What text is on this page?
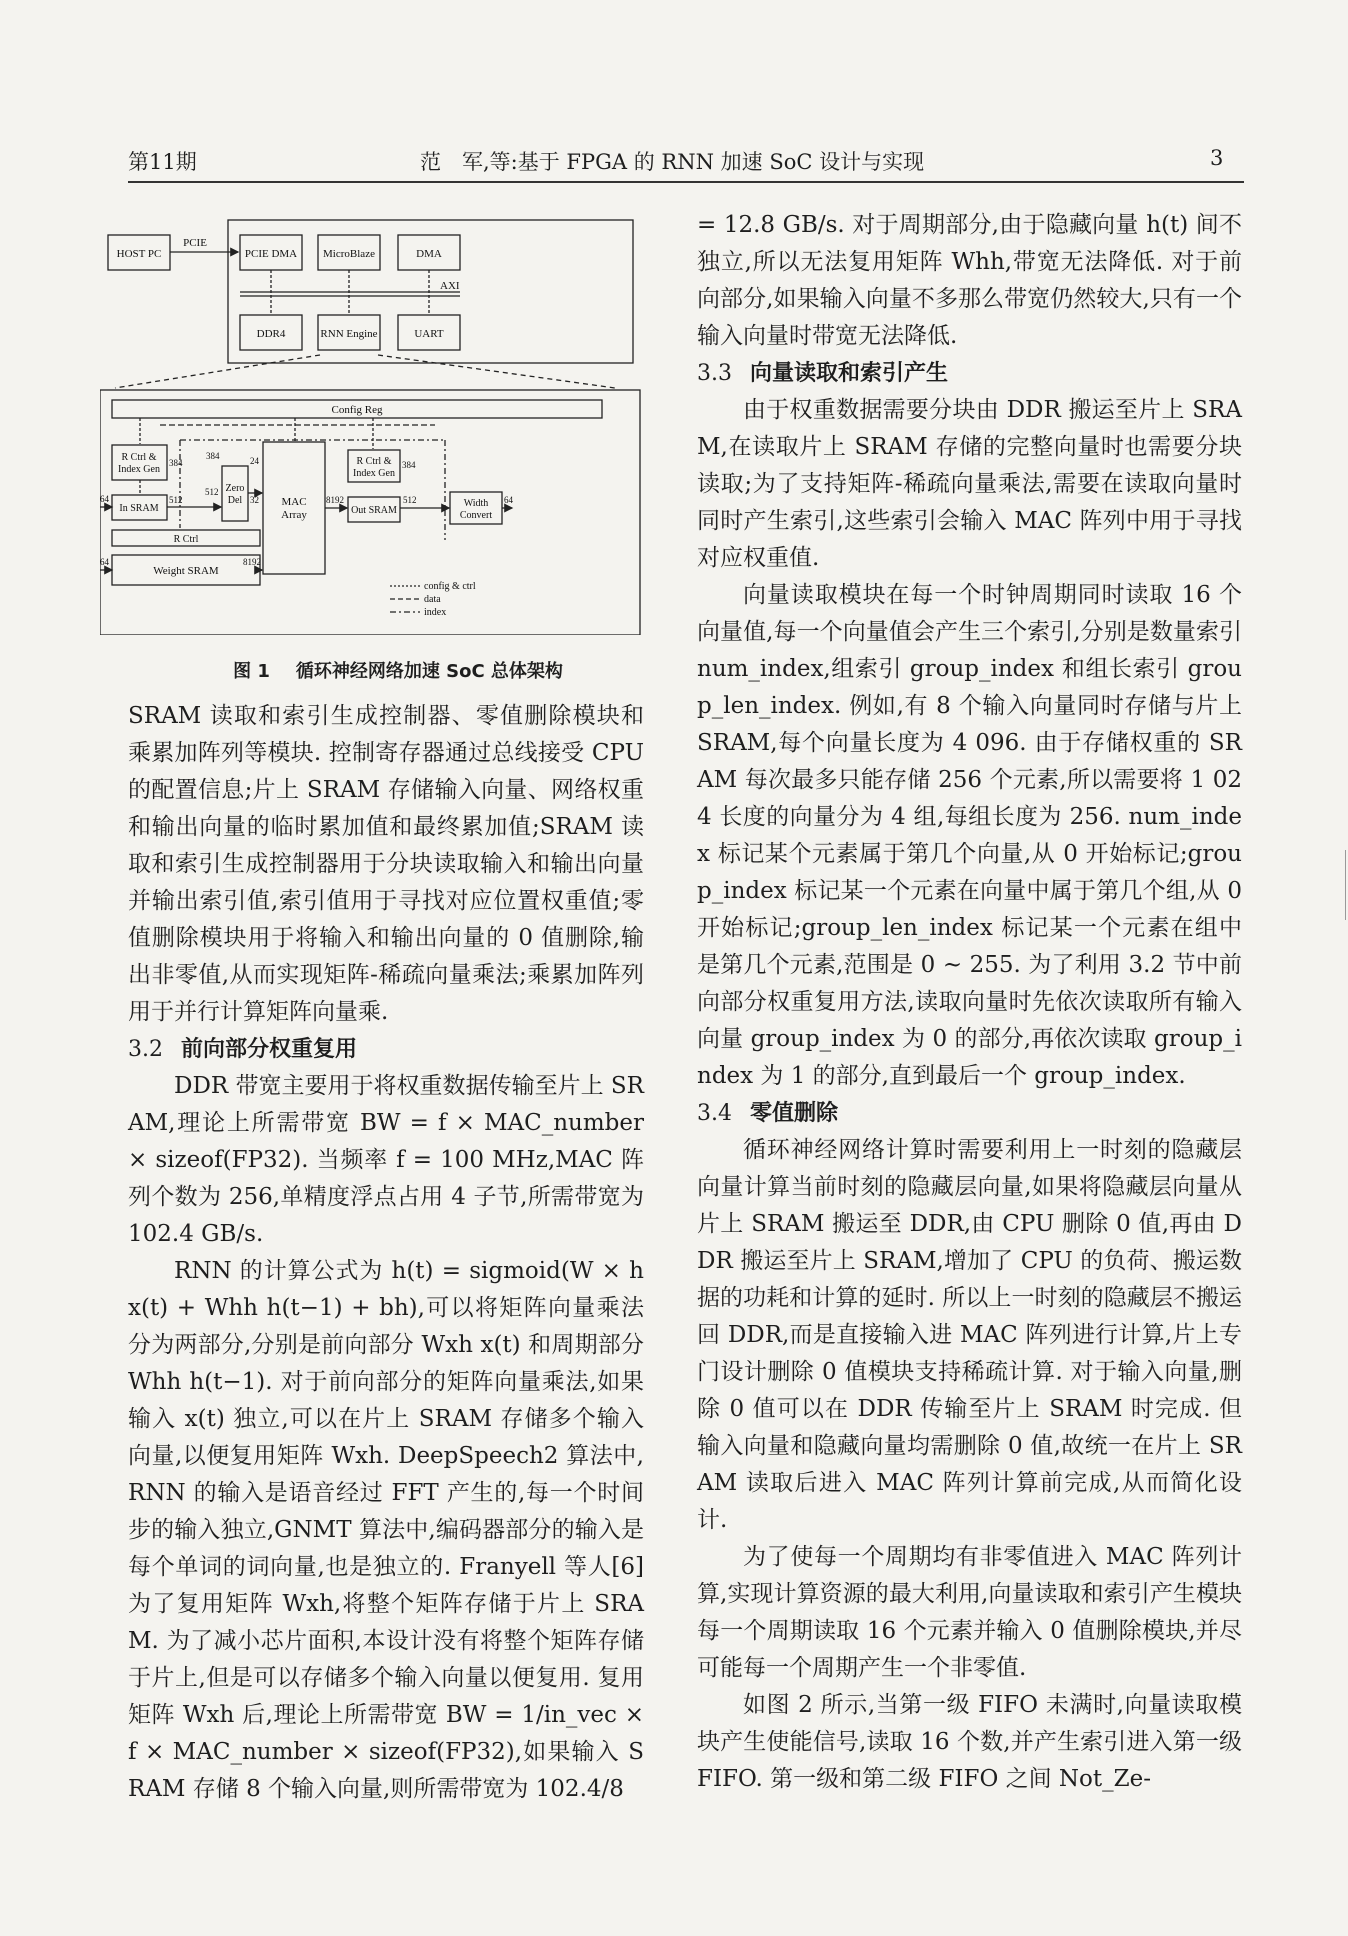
第11期	范　军,等:基于 FPGA 的 RNN 加速 SoC 设计与实现	3
HOST PC
PCIE
PCIE DMA MicroBlaze	DMA
AXI
DDR4	RNN Engine	UART
Config Reg
R Ctrl &
Index Gen
Zero
Del
In SRAM
MAC
Array
R Ctrl &
Index Gen
Out SRAM
Width
Convert
R Ctrl
Weight SRAM
384
384
384
24
32
512
512
512
64
64
64
8192
8192
config & ctrl
data
index
图 1 循环神经网络加速 SoC 总体架构

SRAM 读取和索引生成控制器、零值删除模块和乘累加阵列等模块. 控制寄存器通过总线接受 CPU 的配置信息;片上 SRAM 存储输入向量、网络权重和输出向量的临时累加值和最终累加值;SRAM 读取和索引生成控制器用于分块读取输入和输出向量并输出索引值,索引值用于寻找对应位置权重值;零值删除模块用于将输入和输出向量的 0 值删除,输出非零值,从而实现矩阵-稀疏向量乘法;乘累加阵列用于并行计算矩阵向量乘.

3.2 前向部分权重复用

DDR 带宽主要用于将权重数据传输至片上 SRAM,理论上所需带宽 BW = f × MAC_number × sizeof(FP32). 当频率 f = 100 MHz,MAC 阵列个数为 256,单精度浮点占用 4 子节,所需带宽为 102.4 GB/s.

RNN 的计算公式为 h(t) = sigmoid(W × h x(t) + Whh h(t−1) + bh),可以将矩阵向量乘法分为两部分,分别是前向部分 Wxh x(t) 和周期部分 Whh h(t−1). 对于前向部分的矩阵向量乘法,如果输入 x(t) 独立,可以在片上 SRAM 存储多个输入向量,以便复用矩阵 Wxh. DeepSpeech2 算法中,RNN 的输入是语音经过 FFT 产生的,每一个时间步的输入独立,GNMT 算法中,编码器部分的输入是每个单词的词向量,也是独立的. Franyell 等人[6]为了复用矩阵 Wxh,将整个矩阵存储于片上 SRAM. 为了减小芯片面积,本设计没有将整个矩阵存储于片上,但是可以存储多个输入向量以便复用. 复用矩阵 Wxh 后,理论上所需带宽 BW = 1/in_vec × f × MAC_number × sizeof(FP32),如果输入 SRAM 存储 8 个输入向量,则所需带宽为 102.4/8

= 12.8 GB/s. 对于周期部分,由于隐藏向量 h(t) 间不独立,所以无法复用矩阵 Whh,带宽无法降低. 对于前向部分,如果输入向量不多那么带宽仍然较大,只有一个输入向量时带宽无法降低.

3.3 向量读取和索引产生

由于权重数据需要分块由 DDR 搬运至片上 SRAM,在读取片上 SRAM 存储的完整向量时也需要分块读取;为了支持矩阵-稀疏向量乘法,需要在读取向量时同时产生索引,这些索引会输入 MAC 阵列中用于寻找对应权重值.

向量读取模块在每一个时钟周期同时读取 16 个向量值,每一个向量值会产生三个索引,分别是数量索引 num_index,组索引 group_index 和组长索引 group_len_index. 例如,有 8 个输入向量同时存储与片上 SRAM,每个向量长度为 4 096. 由于存储权重的 SRAM 每次最多只能存储 256 个元素,所以需要将 1 024 长度的向量分为 4 组,每组长度为 256. num_index 标记某个元素属于第几个向量,从 0 开始标记;group_index 标记某一个元素在向量中属于第几个组,从 0 开始标记;group_len_index 标记某一个元素在组中是第几个元素,范围是 0 ~ 255. 为了利用 3.2 节中前向部分权重复用方法,读取向量时先依次读取所有输入向量 group_index 为 0 的部分,再依次读取 group_index 为 1 的部分,直到最后一个 group_index.

3.4 零值删除

循环神经网络计算时需要利用上一时刻的隐藏层向量计算当前时刻的隐藏层向量,如果将隐藏层向量从片上 SRAM 搬运至 DDR,由 CPU 删除 0 值,再由 DDR 搬运至片上 SRAM,增加了 CPU 的负荷、搬运数据的功耗和计算的延时. 所以上一时刻的隐藏层不搬运回 DDR,而是直接输入进 MAC 阵列进行计算,片上专门设计删除 0 值模块支持稀疏计算. 对于输入向量,删除 0 值可以在 DDR 传输至片上 SRAM 时完成. 但输入向量和隐藏向量均需删除 0 值,故统一在片上 SRAM 读取后进入 MAC 阵列计算前完成,从而简化设计.

为了使每一个周期均有非零值进入 MAC 阵列计算,实现计算资源的最大利用,向量读取和索引产生模块每一个周期读取 16 个元素并输入 0 值删除模块,并尽可能每一个周期产生一个非零值.

如图 2 所示,当第一级 FIFO 未满时,向量读取模块产生使能信号,读取 16 个数,并产生索引进入第一级 FIFO. 第一级和第二级 FIFO 之间 Not_Ze-
